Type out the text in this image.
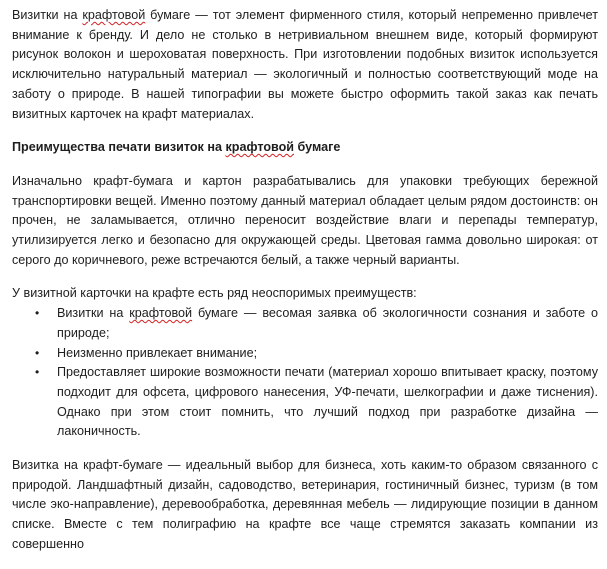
Визитки на крафтовой бумаге — тот элемент фирменного стиля, который непременно привлечет внимание к бренду. И дело не столько в нетривиальном внешнем виде, который формируют рисунок волокон и шероховатая поверхность. При изготовлении подобных визиток используется исключительно натуральный материал — экологичный и полностью соответствующий моде на заботу о природе. В нашей типографии вы можете быстро оформить такой заказ как печать визитных карточек на крафт материалах.

Преимущества печати визиток на крафтовой бумаге

Изначально крафт-бумага и картон разрабатывались для упаковки требующих бережной транспортировки вещей. Именно поэтому данный материал обладает целым рядом достоинств: он прочен, не заламывается, отлично переносит воздействие влаги и перепады температур, утилизируется легко и безопасно для окружающей среды. Цветовая гамма довольно широкая: от серого до коричневого, реже встречаются белый, а также черный варианты.

У визитной карточки на крафте есть ряд неоспоримых преимуществ:

• Визитки на крафтовой бумаге — весомая заявка об экологичности сознания и заботе о природе;
• Неизменно привлекает внимание;
• Предоставляет широкие возможности печати (материал хорошо впитывает краску, поэтому подходит для офсета, цифрового нанесения, УФ-печати, шелкографии и даже тиснения). Однако при этом стоит помнить, что лучший подход при разработке дизайна — лаконичность.

Визитка на крафт-бумаге — идеальный выбор для бизнеса, хоть каким-то образом связанного с природой. Ландшафтный дизайн, садоводство, ветеринария, гостиничный бизнес, туризм (в том числе эко-направление), деревообработка, деревянная мебель — лидирующие позиции в данном списке. Вместе с тем полиграфию на крафте все чаще стремятся заказать компании из совершенно
